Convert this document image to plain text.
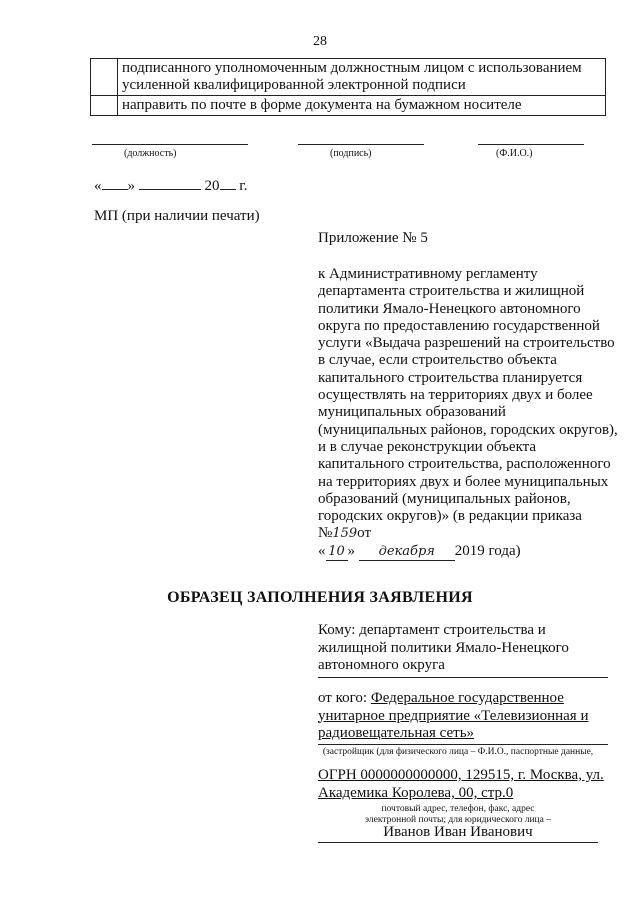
28
	подписанного уполномоченным должностным лицом с использованием усиленной квалифицированной электронной подписи
	направить по почте в форме документа на бумажном носителе
(должность)	(подпись)	(Ф.И.О.)
« »	20 г.
МП (при наличии печати)
Приложение № 5
к Административному регламенту департамента строительства и жилищной политики Ямало-Ненецкого автономного округа по предоставлению государственной услуги «Выдача разрешений на строительство в случае, если строительство объекта капитального строительства планируется осуществлять на территориях двух и более муниципальных образований (муниципальных районов, городских округов), и в случае реконструкции объекта капитального строительства, расположенного на территориях двух и более муниципальных образований (муниципальных районов, городских округов)» (в редакции приказа №159от
« 10 » декабря 2019 года)
ОБРАЗЕЦ ЗАПОЛНЕНИЯ ЗАЯВЛЕНИЯ
Кому: департамент строительства и жилищной политики Ямало-Ненецкого автономного округа
от кого: Федеральное государственное унитарное предприятие «Телевизионная и радиовещательная сеть»
(застройщик (для физического лица – Ф.И.О., паспортные данные,
ОГРН 0000000000000, 129515, г. Москва, ул. Академика Королева, 00, стр.0
почтовый адрес, телефон, факс, адрес
электронной почты; для юридического лица –
Иванов Иван Иванович
